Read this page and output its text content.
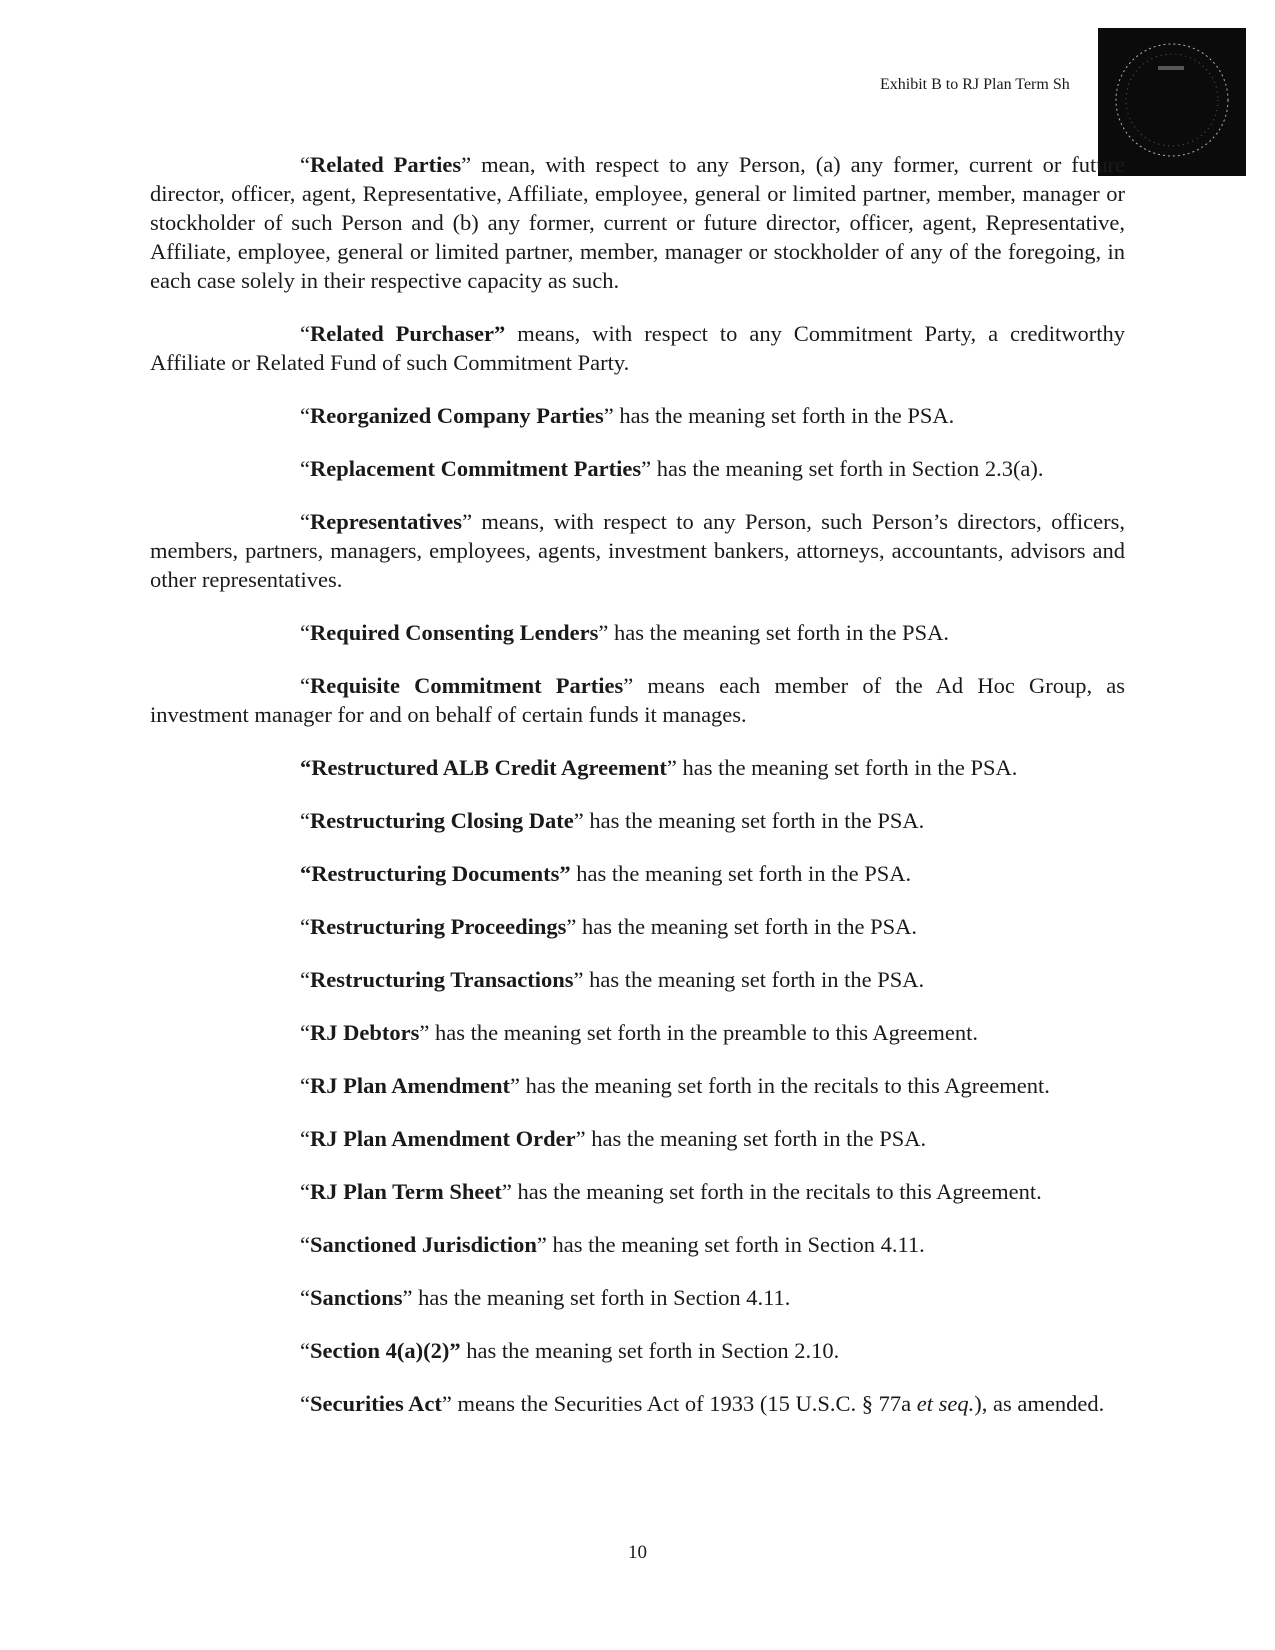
Exhibit B to RJ Plan Term Sh

“Related Parties” mean, with respect to any Person, (a) any former, current or future director, officer, agent, Representative, Affiliate, employee, general or limited partner, member, manager or stockholder of such Person and (b) any former, current or future director, officer, agent, Representative, Affiliate, employee, general or limited partner, member, manager or stockholder of any of the foregoing, in each case solely in their respective capacity as such.

“Related Purchaser” means, with respect to any Commitment Party, a creditworthy Affiliate or Related Fund of such Commitment Party.

“Reorganized Company Parties” has the meaning set forth in the PSA.

“Replacement Commitment Parties” has the meaning set forth in Section 2.3(a).

“Representatives” means, with respect to any Person, such Person’s directors, officers, members, partners, managers, employees, agents, investment bankers, attorneys, accountants, advisors and other representatives.

“Required Consenting Lenders” has the meaning set forth in the PSA.

“Requisite Commitment Parties” means each member of the Ad Hoc Group, as investment manager for and on behalf of certain funds it manages.

“Restructured ALB Credit Agreement” has the meaning set forth in the PSA.

“Restructuring Closing Date” has the meaning set forth in the PSA.

“Restructuring Documents” has the meaning set forth in the PSA.

“Restructuring Proceedings” has the meaning set forth in the PSA.

“Restructuring Transactions” has the meaning set forth in the PSA.

“RJ Debtors” has the meaning set forth in the preamble to this Agreement.

“RJ Plan Amendment” has the meaning set forth in the recitals to this Agreement.

“RJ Plan Amendment Order” has the meaning set forth in the PSA.

“RJ Plan Term Sheet” has the meaning set forth in the recitals to this Agreement.

“Sanctioned Jurisdiction” has the meaning set forth in Section 4.11.

“Sanctions” has the meaning set forth in Section 4.11.

“Section 4(a)(2)” has the meaning set forth in Section 2.10.

“Securities Act” means the Securities Act of 1933 (15 U.S.C. § 77a et seq.), as amended.

10
